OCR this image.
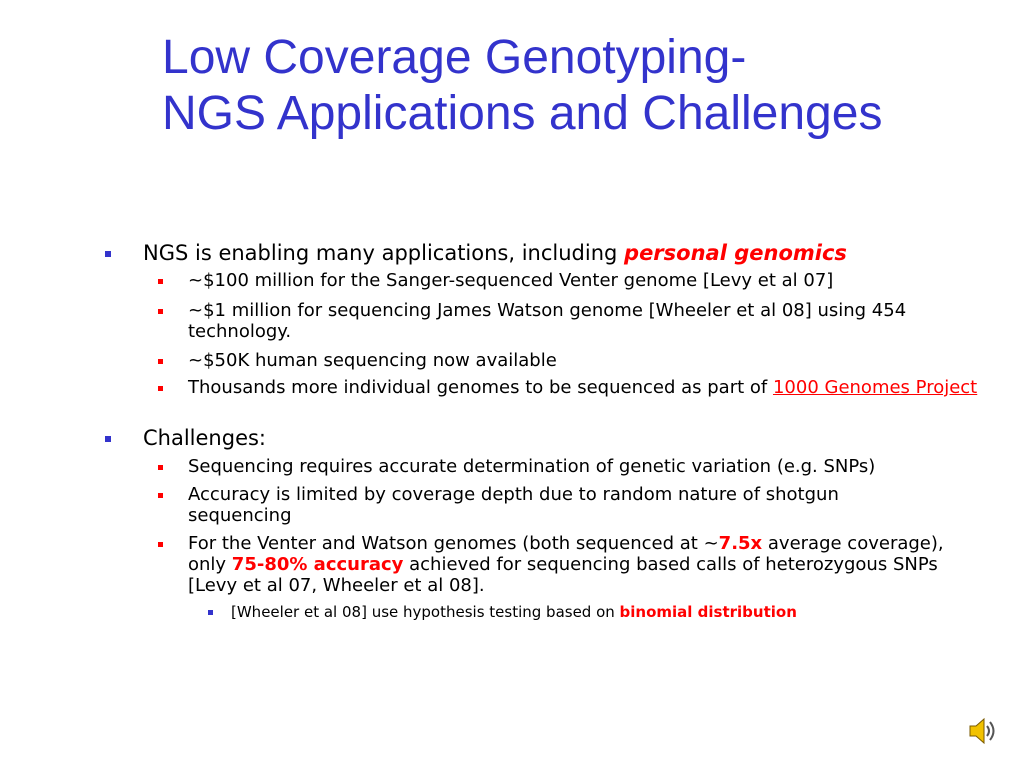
Low Coverage Genotyping-
NGS Applications and Challenges
NGS is enabling many applications, including personal genomics
~$100 million for the Sanger-sequenced Venter genome [Levy et al 07]
~$1 million for sequencing James Watson genome [Wheeler et al 08] using 454 technology.
~$50K human sequencing now available
Thousands more individual genomes to be sequenced as part of 1000 Genomes Project
Challenges:
Sequencing requires accurate determination of genetic variation (e.g. SNPs)
Accuracy is limited by coverage depth due to random nature of shotgun sequencing
For the Venter and Watson genomes (both sequenced at ~7.5x average coverage), only 75-80% accuracy achieved for sequencing based calls of heterozygous SNPs [Levy et al 07, Wheeler et al 08].
[Wheeler et al 08] use hypothesis testing based on binomial distribution
